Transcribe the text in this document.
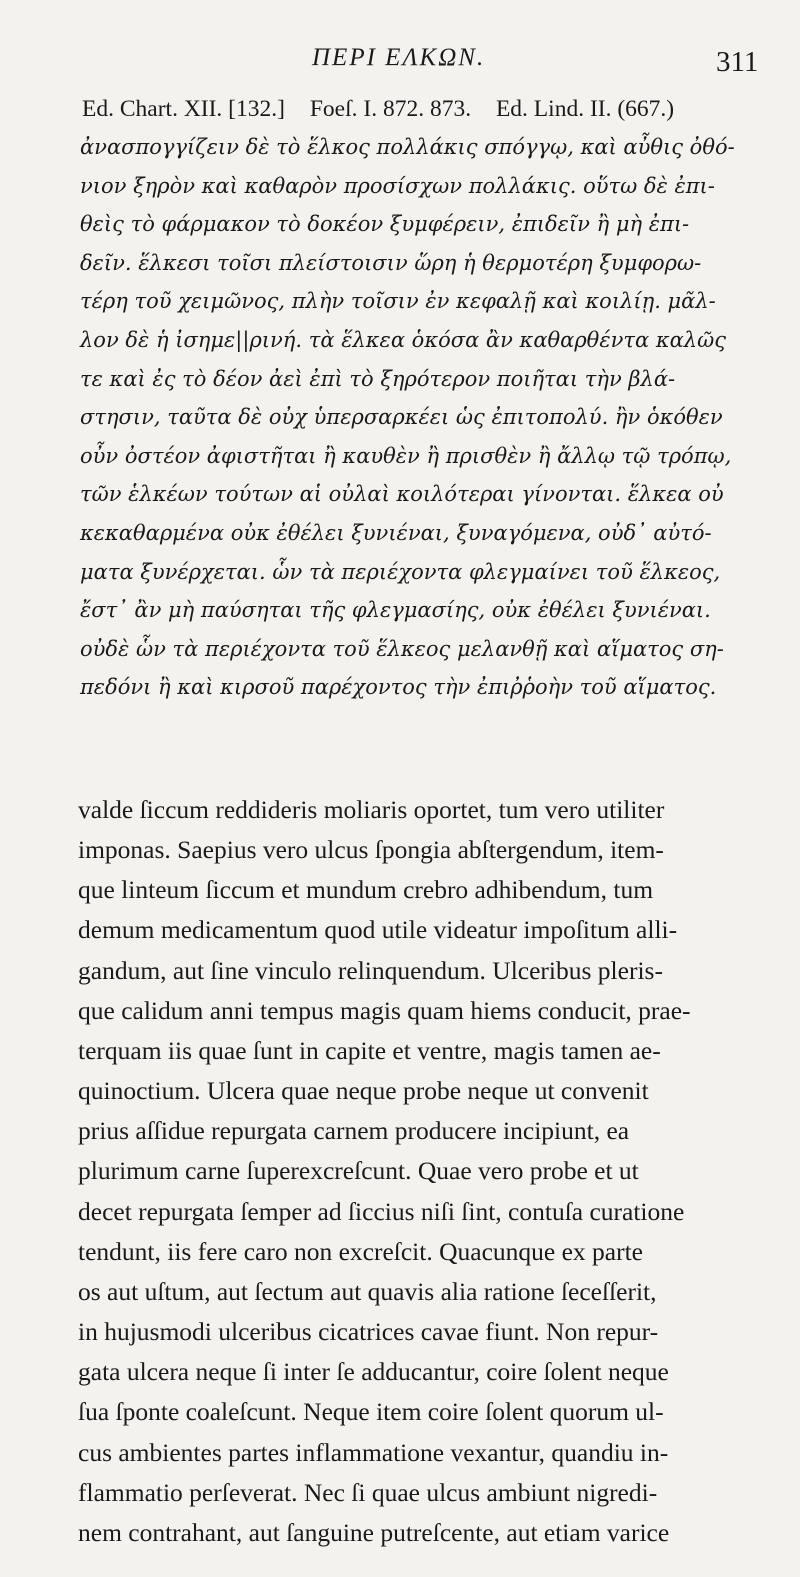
ΠΕΡΙ ΕΛΚΩΝ.	311
Ed. Chart. XII. [132.] Foeſ. I. 872. 873. Ed. Lind. II. (667.)
ἀνασπογγίζειν δὲ τὸ ἕλκος πολλάκις σπόγγῳ, καὶ αὖθις ὀθό-
νιον ξηρὸν καὶ καθαρὸν προσίσχων πολλάκις. οὕτω δὲ ἐπι-
θεὶς τὸ φάρμακον τὸ δοκέον ξυμφέρειν, ἐπιδεῖν ἢ μὴ ἐπι-
δεῖν. ἕλκεσι τοῖσι πλείστοισιν ὥρη ἡ θερμοτέρη ξυμφορω-
τέρη τοῦ χειμῶνος, πλὴν τοῖσιν ἐν κεφαλῇ καὶ κοιλίῃ. μᾶλ-
λον δὲ ἡ ἰσημε||ρινή. τὰ ἕλκεα ὁκόσα ἂν καθαρθέντα καλῶς
τε καὶ ἐς τὸ δέον ἀεὶ ἐπὶ τὸ ξηρότερον ποιῆται τὴν βλά-
στησιν, ταῦτα δὲ οὐχ ὑπερσαρκέει ὡς ἐπιτοπολύ. ἢν ὁκόθεν
οὖν ὀστέον ἀφιστῆται ἢ καυθὲν ἢ πρισθὲν ἢ ἄλλῳ τῷ τρόπῳ,
τῶν ἑλκέων τούτων αἱ οὐλαὶ κοιλότεραι γίνονται. ἕλκεα οὐ
κεκαθαρμένα οὐκ ἐθέλει ξυνιέναι, ξυναγόμενα, οὐδ᾽ αὐτό-
ματα ξυνέρχεται. ὧν τὰ περιέχοντα φλεγμαίνει τοῦ ἕλκεος,
ἔστ᾽ ἂν μὴ παύσηται τῆς φλεγμασίης, οὐκ ἐθέλει ξυνιέναι.
οὐδὲ ὧν τὰ περιέχοντα τοῦ ἕλκεος μελανθῇ καὶ αἵματος ση-
πεδόνι ἢ καὶ κιρσοῦ παρέχοντος τὴν ἐπιῤῥοὴν τοῦ αἵματος.
valde ſiccum reddideris moliaris oportet, tum vero utiliter
imponas. Saepius vero ulcus ſpongia abſtergendum, item-
que linteum ſiccum et mundum crebro adhibendum, tum
demum medicamentum quod utile videatur impoſitum alli-
gandum, aut ſine vinculo relinquendum. Ulceribus pleris-
que calidum anni tempus magis quam hiems conducit, prae-
terquam iis quae ſunt in capite et ventre, magis tamen ae-
quinoctium. Ulcera quae neque probe neque ut convenit
prius aſſidue repurgata carnem producere incipiunt, ea
plurimum carne ſuperexcreſcunt. Quae vero probe et ut
decet repurgata ſemper ad ſiccius niſi ſint, contuſa curatione
tendunt, iis fere caro non excreſcit. Quacunque ex parte
os aut uſtum, aut ſectum aut quavis alia ratione ſeceſſerit,
in hujusmodi ulceribus cicatrices cavae fiunt. Non repur-
gata ulcera neque ſi inter ſe adducantur, coire ſolent neque
ſua ſponte coaleſcunt. Neque item coire ſolent quorum ul-
cus ambientes partes inflammatione vexantur, quandiu in-
flammatio perſeverat. Nec ſi quae ulcus ambiunt nigredi-
nem contrahant, aut ſanguine putreſcente, aut etiam varice
